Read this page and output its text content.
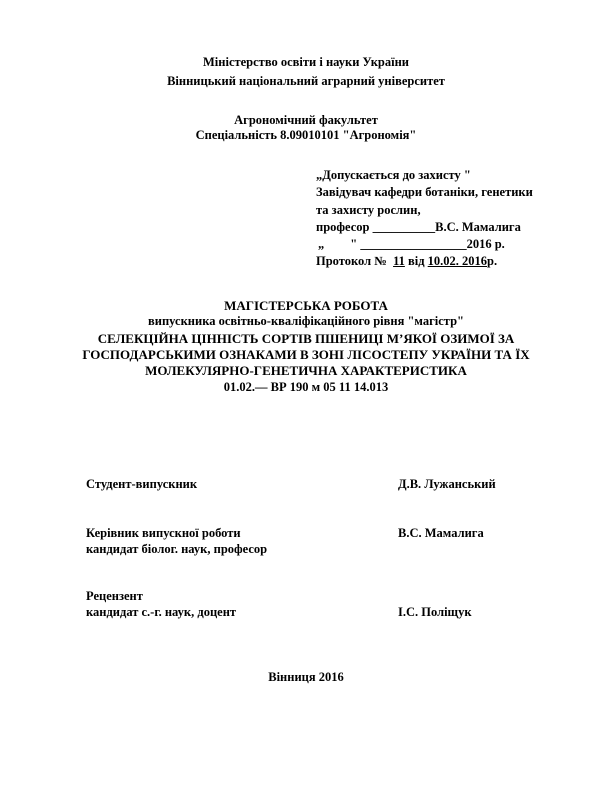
Міністерство освіти і науки України
Вінницький національний аграрний університет
Агрономічний факультет
Спеціальність 8.09010101 "Агрономія"
„Допускається до захисту "
Завідувач кафедри ботаніки, генетики
та захисту рослин,
професор __________В.С. Мамалига
„ " _________________2016 р.
Протокол № 11 від 10.02. 2016р.
МАГІСТЕРСЬКА РОБОТА
випускника освітньо-кваліфікаційного рівня "магістр"
СЕЛЕКЦІЙНА ЦІННІСТЬ СОРТІВ ПШЕНИЦІ М’ЯКОЇ ОЗИМОЇ ЗА
ГОСПОДАРСЬКИМИ ОЗНАКАМИ В ЗОНІ ЛІСОСТЕПУ УКРАЇНИ ТА ЇХ
МОЛЕКУЛЯРНО-ГЕНЕТИЧНА ХАРАКТЕРИСТИКА
01.02.— ВР 190 м 05 11 14.013
Студент-випускник	Д.В. Лужанський
Керівник випускної роботи	В.С. Мамалига
кандидат біолог. наук, професор
Рецензент
кандидат с.-г. наук, доцент	І.С. Поліщук
Вінниця 2016
